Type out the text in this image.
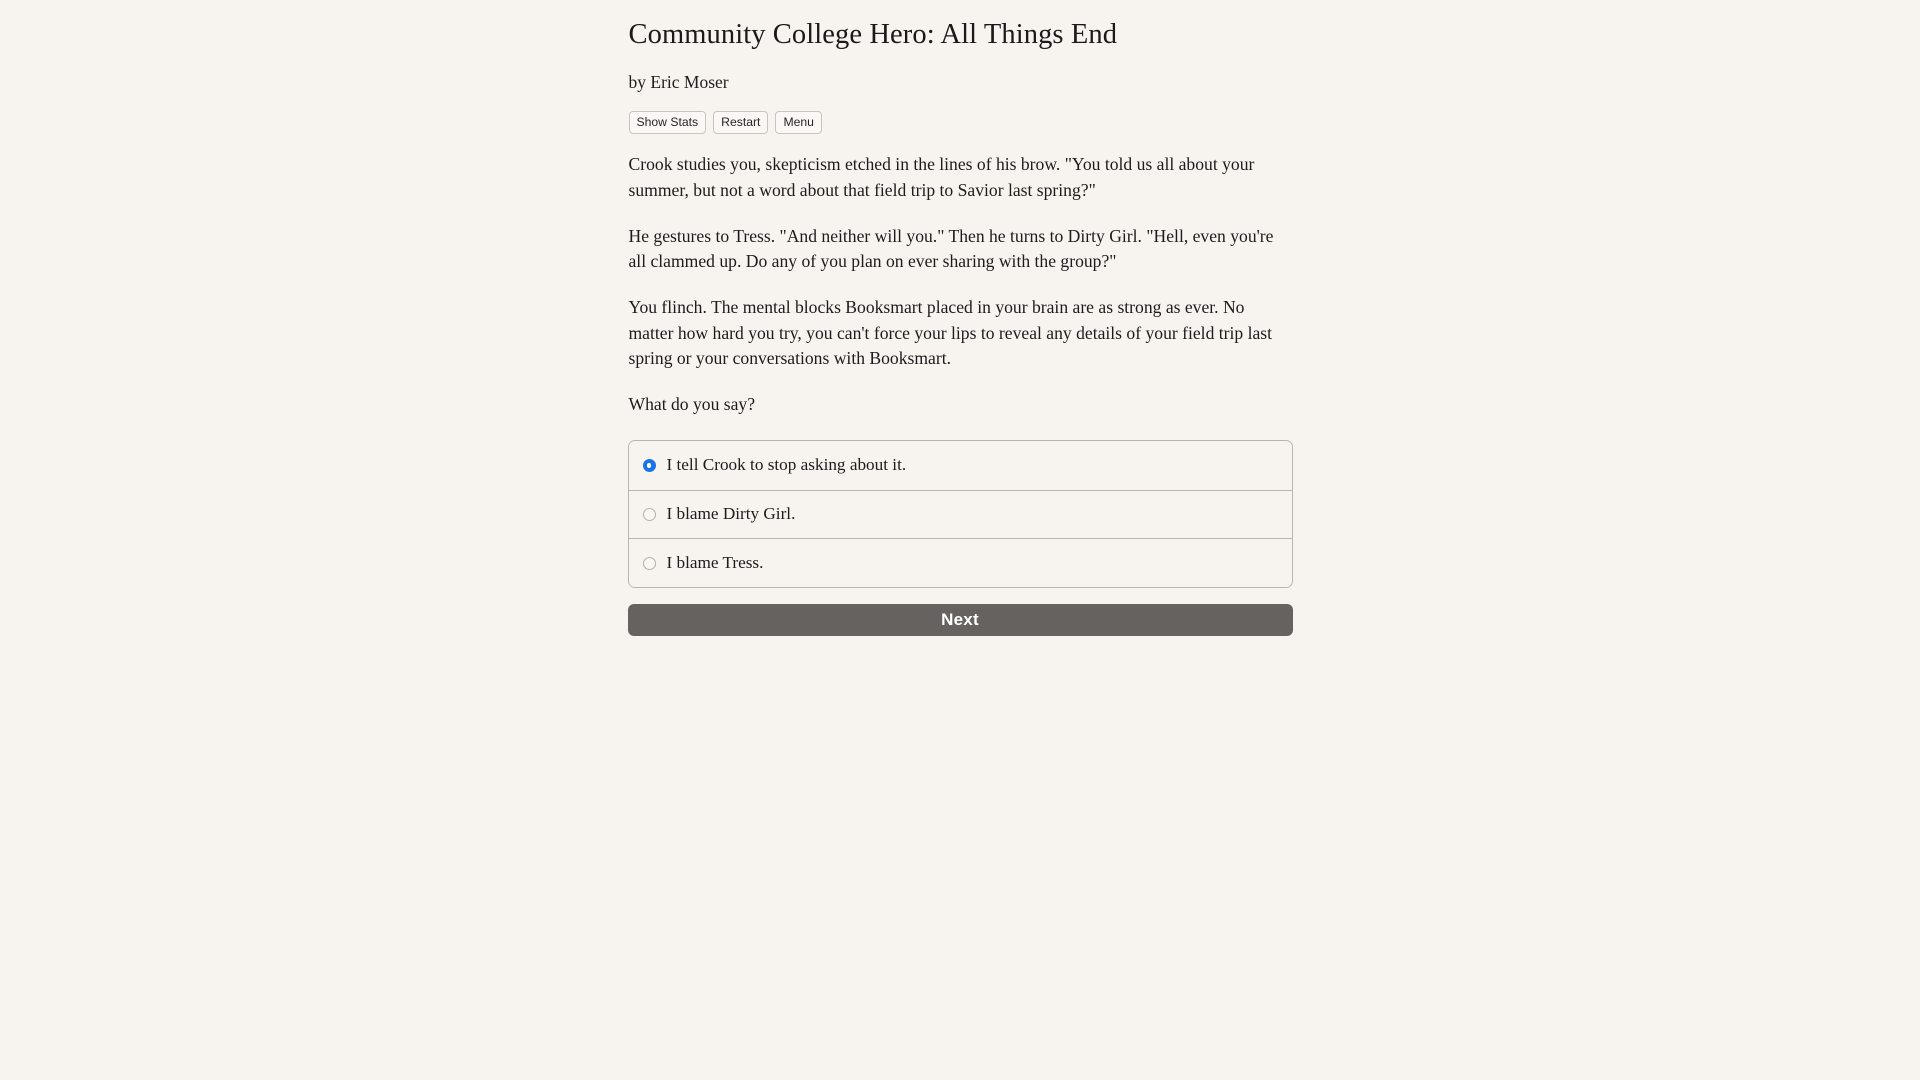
Community College Hero: All Things End
by Eric Moser
Show Stats	Restart	Menu

Crook studies you, skepticism etched in the lines of his brow. "You told us all about your summer, but not a word about that field trip to Savior last spring?"

He gestures to Tress. "And neither will you." Then he turns to Dirty Girl. "Hell, even you're all clammed up. Do any of you plan on ever sharing with the group?"

You flinch. The mental blocks Booksmart placed in your brain are as strong as ever. No matter how hard you try, you can't force your lips to reveal any details of your field trip last spring or your conversations with Booksmart.

What do you say?
I tell Crook to stop asking about it.
I blame Dirty Girl.
I blame Tress.
Next
